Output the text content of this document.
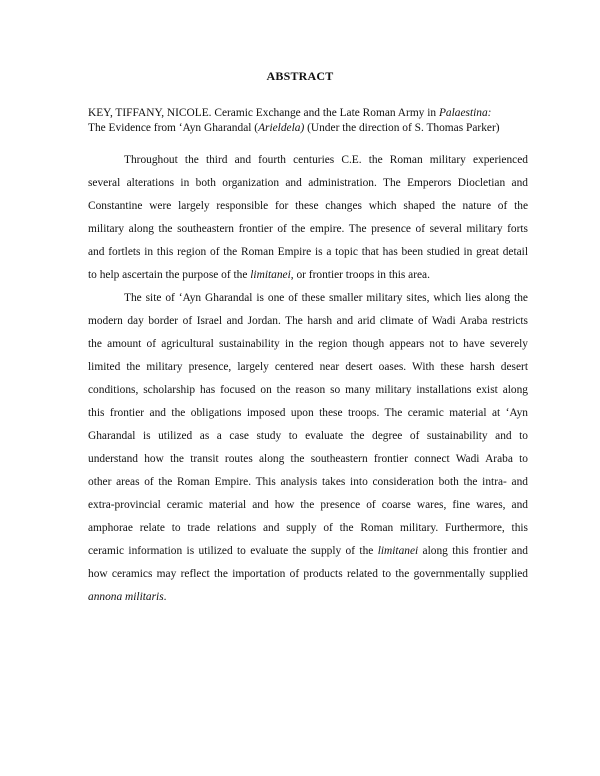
ABSTRACT
KEY, TIFFANY, NICOLE. Ceramic Exchange and the Late Roman Army in Palaestina:
The Evidence from ‘Ayn Gharandal (Arieldela) (Under the direction of S. Thomas Parker)
Throughout the third and fourth centuries C.E. the Roman military experienced
several alterations in both organization and administration. The Emperors Diocletian and
Constantine were largely responsible for these changes which shaped the nature of the
military along the southeastern frontier of the empire. The presence of several military forts
and fortlets in this region of the Roman Empire is a topic that has been studied in great detail
to help ascertain the purpose of the limitanei, or frontier troops in this area.
The site of ‘Ayn Gharandal is one of these smaller military sites, which lies along the
modern day border of Israel and Jordan. The harsh and arid climate of Wadi Araba restricts
the amount of agricultural sustainability in the region though appears not to have severely
limited the military presence, largely centered near desert oases. With these harsh desert
conditions, scholarship has focused on the reason so many military installations exist along
this frontier and the obligations imposed upon these troops. The ceramic material at ‘Ayn
Gharandal is utilized as a case study to evaluate the degree of sustainability and to
understand how the transit routes along the southeastern frontier connect Wadi Araba to
other areas of the Roman Empire. This analysis takes into consideration both the intra- and
extra-provincial ceramic material and how the presence of coarse wares, fine wares, and
amphorae relate to trade relations and supply of the Roman military. Furthermore, this
ceramic information is utilized to evaluate the supply of the limitanei along this frontier and
how ceramics may reflect the importation of products related to the governmentally supplied
annona militaris.
